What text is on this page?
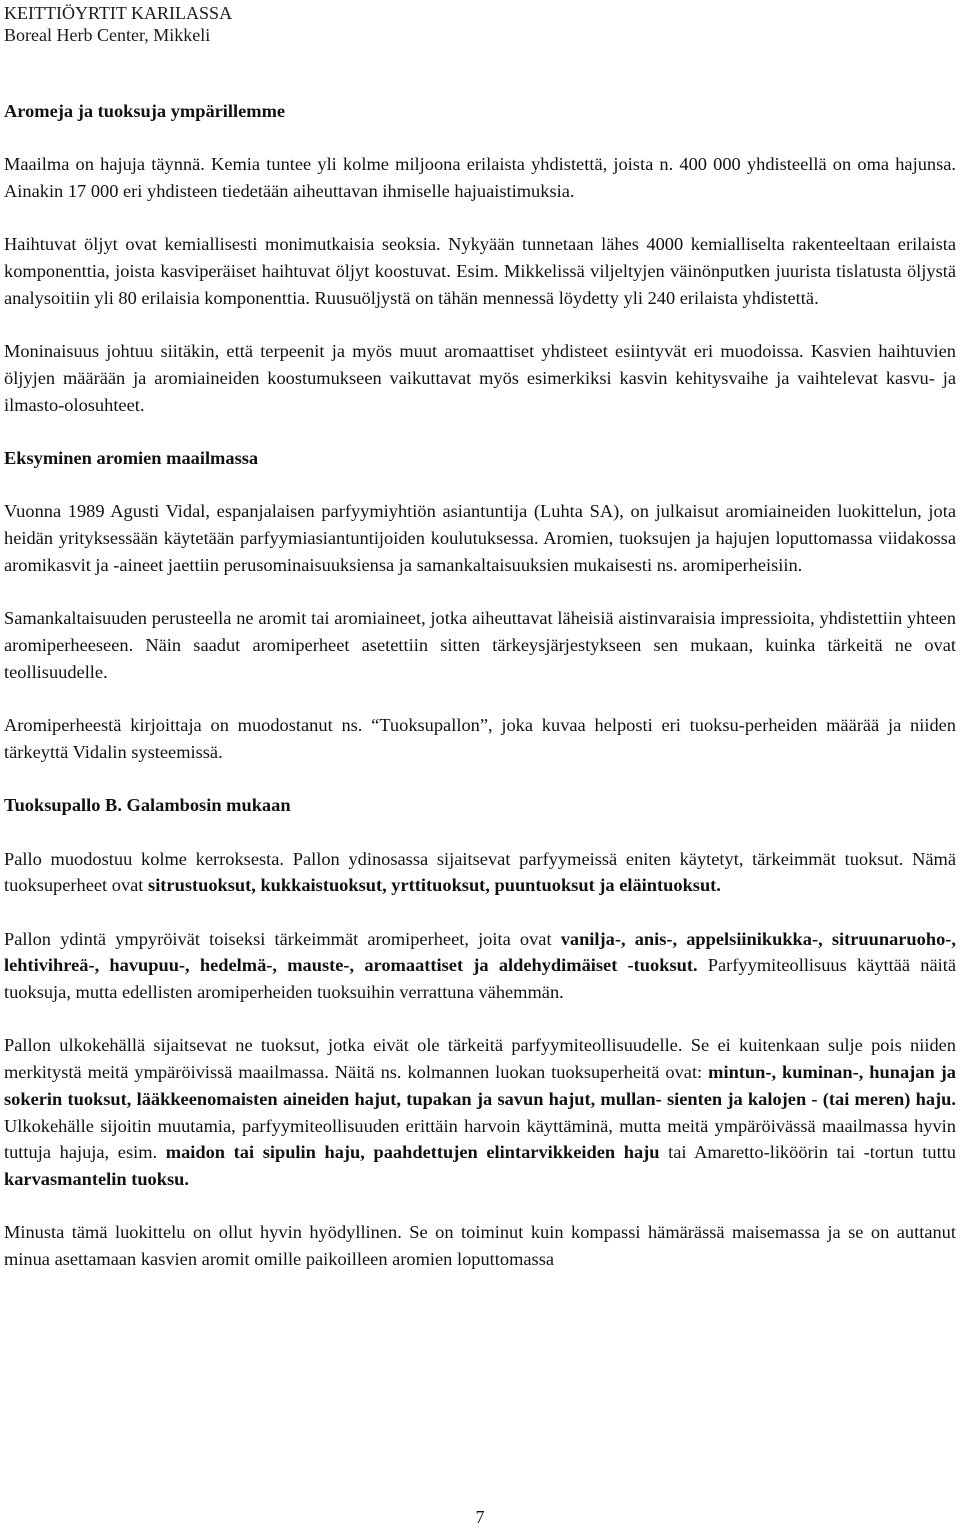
KEITTIÖYRTIT KARILASSA
Boreal Herb Center, Mikkeli
Aromeja ja tuoksuja ympärillemme

Maailma on hajuja täynnä. Kemia tuntee yli kolme miljoona erilaista yhdistettä, joista n. 400 000 yhdisteellä on oma hajunsa. Ainakin 17 000 eri yhdisteen tiedetään aiheuttavan ihmiselle hajuaistimuksia.

Haihtuvat öljyt ovat kemiallisesti monimutkaisia seoksia. Nykyään tunnetaan lähes 4000 kemialliselta rakenteeltaan erilaista komponenttia, joista kasviperäiset haihtuvat öljyt koostuvat. Esim. Mikkelissä viljeltyjen väinönputken juurista tislatusta öljystä analysoitiin yli 80 erilaisia komponenttia. Ruusuöljystä on tähän mennessä löydetty yli 240 erilaista yhdistettä.

Moninaisuus johtuu siitäkin, että terpeenit ja myös muut aromaattiset yhdisteet esiintyvät eri muodoissa. Kasvien haihtuvien öljyjen määrään ja aromiaineiden koostumukseen vaikuttavat myös esimerkiksi kasvin kehitysvaihe ja vaihtelevat kasvu- ja ilmasto-olosuhteet.

Eksyminen aromien maailmassa

Vuonna 1989 Agusti Vidal, espanjalaisen parfyymiyhtiön asiantuntija (Luhta SA), on julkaisut aromiaineiden luokittelun, jota heidän yrityksessään käytetään parfyymiasiantuntijoiden koulutuksessa. Aromien, tuoksujen ja hajujen loputtomassa viidakossa aromikasvit ja -aineet jaettiin perusominaisuuksiensa ja samankaltaisuuksien mukaisesti ns. aromiperheisiin.

Samankaltaisuuden perusteella ne aromit tai aromiaineet, jotka aiheuttavat läheisiä aistinvaraisia impressioita, yhdistettiin yhteen aromiperheeseen. Näin saadut aromiperheet asetettiin sitten tärkeysjärjestykseen sen mukaan, kuinka tärkeitä ne ovat teollisuudelle.

Aromiperheestä kirjoittaja on muodostanut ns. “Tuoksupallon”, joka kuvaa helposti eri tuoksu-perheiden määrää ja niiden tärkeyttä Vidalin systeemissä.

Tuoksupallo B. Galambosin mukaan

Pallo muodostuu kolme kerroksesta. Pallon ydinosassa sijaitsevat parfyymeissä eniten käytetyt, tärkeimmät tuoksut. Nämä tuoksuperheet ovat sitrustuoksut, kukkaistuoksut, yrttituoksut, puuntuoksut ja eläintuoksut.

Pallon ydintä ympyröivät toiseksi tärkeimmät aromiperheet, joita ovat vanilja-, anis-, appelsiinikukka-, sitruunaruoho-, lehtivihreä-, havupuu-, hedelmä-, mauste-, aromaattiset ja aldehydimäiset -tuoksut. Parfyymiteollisuus käyttää näitä tuoksuja, mutta edellisten aromiperheiden tuoksuihin verrattuna vähemmän.

Pallon ulkokehällä sijaitsevat ne tuoksut, jotka eivät ole tärkeitä parfyymiteollisuudelle. Se ei kuitenkaan sulje pois niiden merkitystä meitä ympäröivissä maailmassa. Näitä ns. kolmannen luokan tuoksuperheitä ovat: mintun-, kuminan-, hunajan ja sokerin tuoksut, lääkkeenomaisten aineiden hajut, tupakan ja savun hajut, mullan- sienten ja kalojen - (tai meren) haju. Ulkokehälle sijoitin muutamia, parfyymiteollisuuden erittäin harvoin käyttäminä, mutta meitä ympäröivässä maailmassa hyvin tuttuja hajuja, esim. maidon tai sipulin haju, paahdettujen elintarvikkeiden haju tai Amaretto-liköörin tai -tortun tuttu karvasmantelin tuoksu.

Minusta tämä luokittelu on ollut hyvin hyödyllinen. Se on toiminut kuin kompassi hämärässä maisemassa ja se on auttanut minua asettamaan kasvien aromit omille paikoilleen aromien loputtomassa

7
